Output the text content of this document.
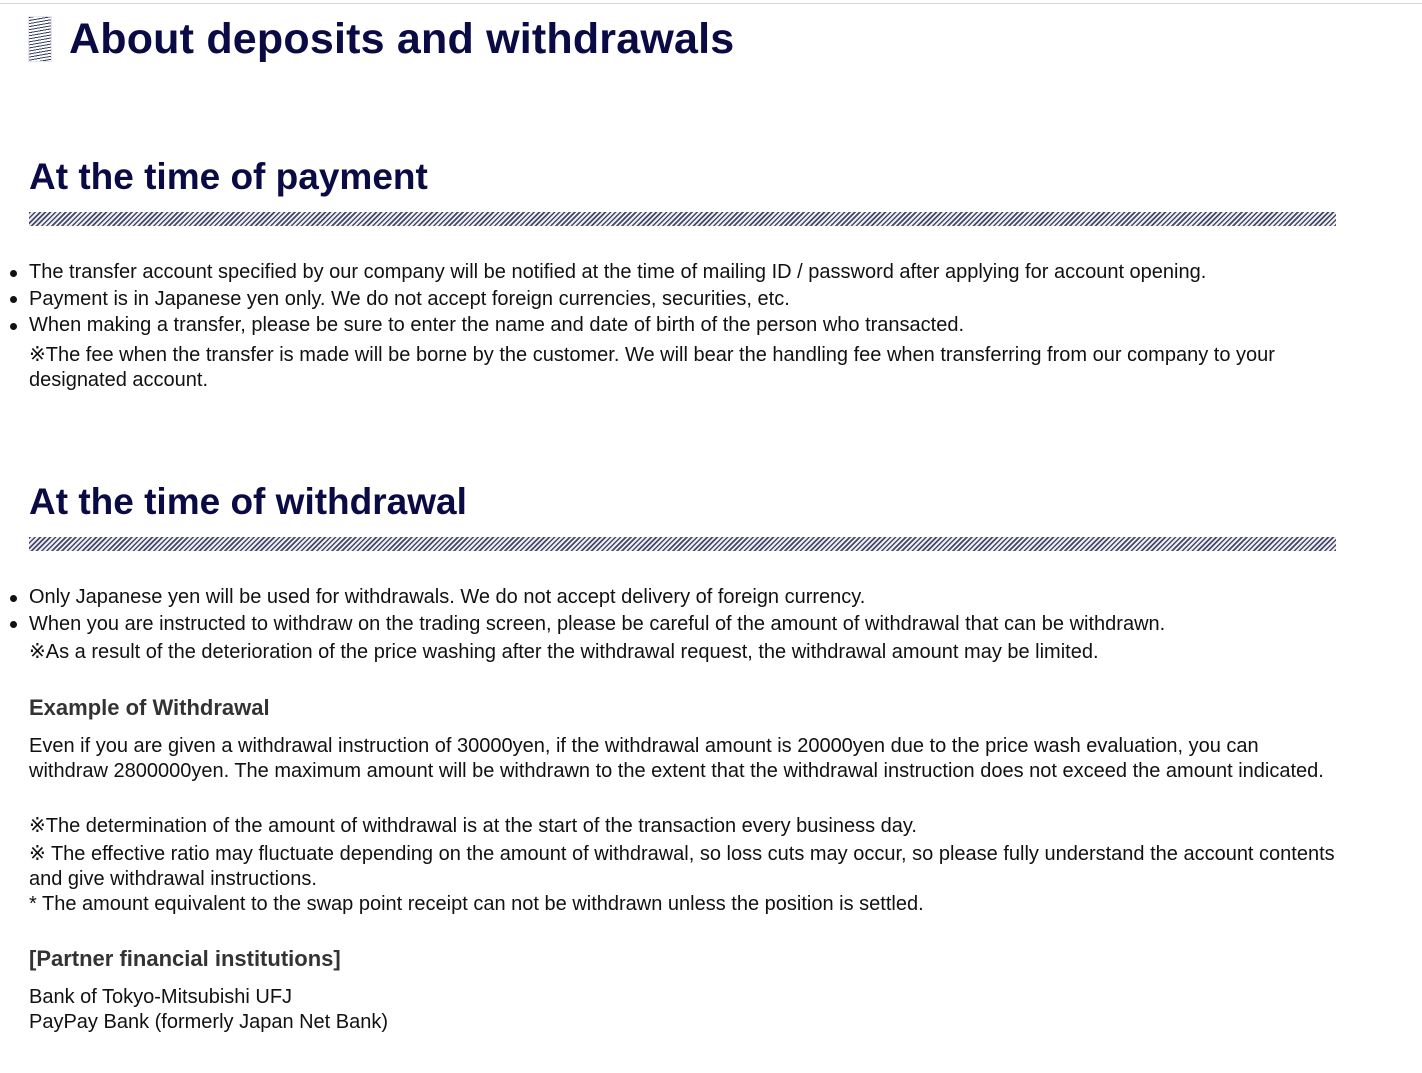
About deposits and withdrawals
At the time of payment
The transfer account specified by our company will be notified at the time of mailing ID / password after applying for account opening.
Payment is in Japanese yen only. We do not accept foreign currencies, securities, etc.
When making a transfer, please be sure to enter the name and date of birth of the person who transacted.
※The fee when the transfer is made will be borne by the customer. We will bear the handling fee when transferring from our company to your designated account.
At the time of withdrawal
Only Japanese yen will be used for withdrawals. We do not accept delivery of foreign currency.
When you are instructed to withdraw on the trading screen, please be careful of the amount of withdrawal that can be withdrawn.
※As a result of the deterioration of the price washing after the withdrawal request, the withdrawal amount may be limited.
Example of Withdrawal
Even if you are given a withdrawal instruction of 30000yen, if the withdrawal amount is 20000yen due to the price wash evaluation, you can withdraw 2800000yen. The maximum amount will be withdrawn to the extent that the withdrawal instruction does not exceed the amount indicated.
※The determination of the amount of withdrawal is at the start of the transaction every business day.
※ The effective ratio may fluctuate depending on the amount of withdrawal, so loss cuts may occur, so please fully understand the account contents and give withdrawal instructions.
* The amount equivalent to the swap point receipt can not be withdrawn unless the position is settled.
[Partner financial institutions]
Bank of Tokyo-Mitsubishi UFJ
PayPay Bank (formerly Japan Net Bank)
